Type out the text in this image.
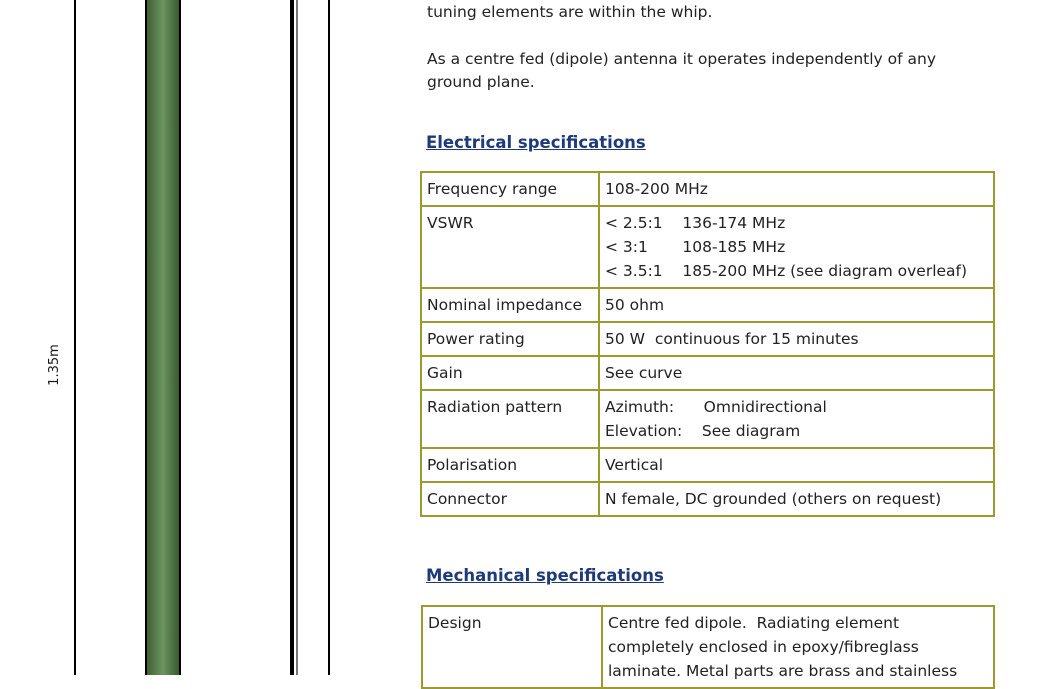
1.35m

tuning elements are within the whip.

As a centre fed (dipole) antenna it operates independently of any
ground plane.

Electrical specifications
Frequency range	108-200 MHz

VSWR	< 2.5:1    136-174 MHz
< 3:1       108-185 MHz
< 3.5:1    185-200 MHz (see diagram overleaf)

Nominal impedance	50 ohm

Power rating	50 W  continuous for 15 minutes

Gain	See curve

Radiation pattern	Azimuth:      Omnidirectional
Elevation:    See diagram

Polarisation	Vertical

Connector	N female, DC grounded (others on request)
Mechanical specifications
Design	Centre fed dipole.  Radiating element
completely enclosed in epoxy/fibreglass
laminate. Metal parts are brass and stainless
